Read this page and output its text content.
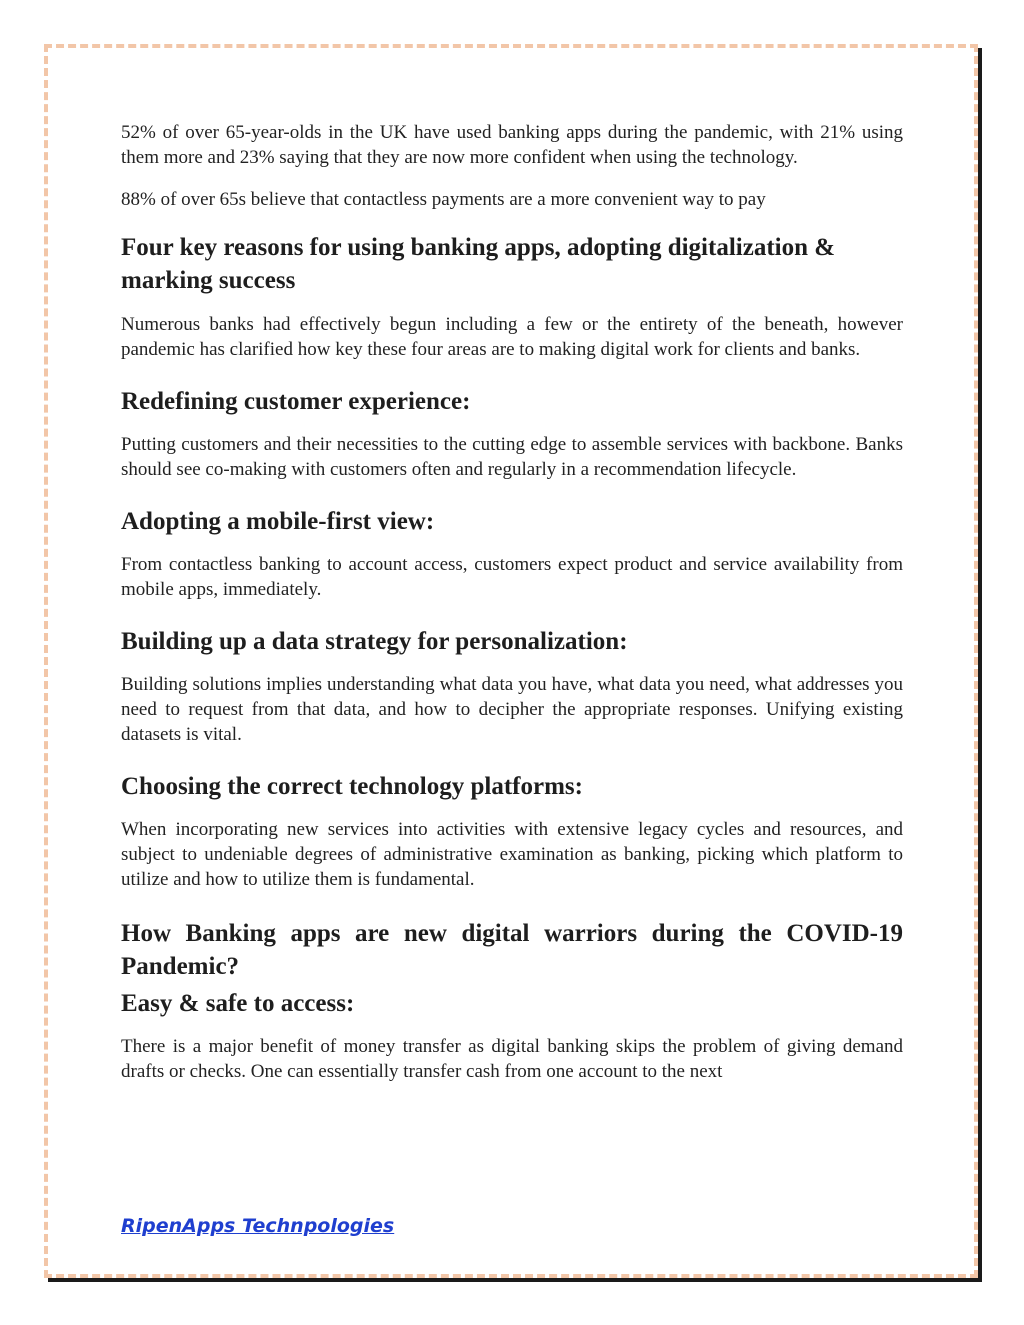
52% of over 65-year-olds in the UK have used banking apps during the pandemic, with 21% using them more and 23% saying that they are now more confident when using the technology.

88% of over 65s believe that contactless payments are a more convenient way to pay

Four key reasons for using banking apps, adopting digitalization & marking success

Numerous banks had effectively begun including a few or the entirety of the beneath, however pandemic has clarified how key these four areas are to making digital work for clients and banks.

Redefining customer experience:

Putting customers and their necessities to the cutting edge to assemble services with backbone. Banks should see co-making with customers often and regularly in a recommendation lifecycle.

Adopting a mobile-first view:

From contactless banking to account access, customers expect product and service availability from mobile apps, immediately.

Building up a data strategy for personalization:

Building solutions implies understanding what data you have, what data you need, what addresses you need to request from that data, and how to decipher the appropriate responses. Unifying existing datasets is vital.

Choosing the correct technology platforms:

When incorporating new services into activities with extensive legacy cycles and resources, and subject to undeniable degrees of administrative examination as banking, picking which platform to utilize and how to utilize them is fundamental.

How Banking apps are new digital warriors during the COVID-19 Pandemic?
Easy & safe to access:

There is a major benefit of money transfer as digital banking skips the problem of giving demand drafts or checks. One can essentially transfer cash from one account to the next

RipenApps Technpologies
